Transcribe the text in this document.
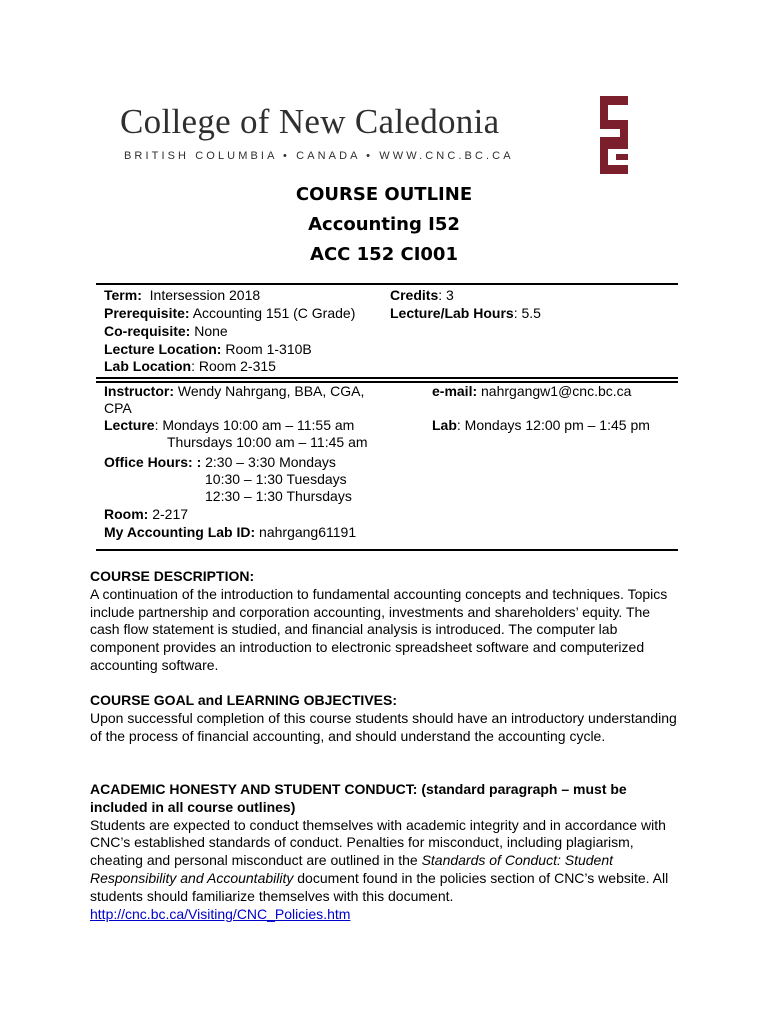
College of New Caledonia
BRITISH COLUMBIA • CANADA • WWW.CNC.BC.CA
COURSE OUTLINE
Accounting I52
ACC 152 CI001
Term: Intersession 2018	Credits: 3
Prerequisite: Accounting 151 (C Grade) Lecture/Lab Hours: 5.5
Co-requisite: None
Lecture Location: Room 1-310B
Lab Location: Room 2-315
Instructor: Wendy Nahrgang, BBA, CGA,
CPA
e-mail: nahrgangw1@cnc.bc.ca
Lecture: Mondays 10:00 am – 11:55 am
Thursdays 10:00 am – 11:45 am
Lab: Mondays 12:00 pm – 1:45 pm
Office Hours: : 2:30 – 3:30 Mondays
10:30 – 1:30 Tuesdays
12:30 – 1:30 Thursdays
Room: 2-217
My Accounting Lab ID: nahrgang61191
COURSE DESCRIPTION:
A continuation of the introduction to fundamental accounting concepts and techniques. Topics include partnership and corporation accounting, investments and shareholders’ equity. The cash flow statement is studied, and financial analysis is introduced. The computer lab component provides an introduction to electronic spreadsheet software and computerized accounting software.
COURSE GOAL and LEARNING OBJECTIVES:
Upon successful completion of this course students should have an introductory understanding of the process of financial accounting, and should understand the accounting cycle.
ACADEMIC HONESTY AND STUDENT CONDUCT: (standard paragraph – must be included in all course outlines)
Students are expected to conduct themselves with academic integrity and in accordance with CNC’s established standards of conduct. Penalties for misconduct, including plagiarism, cheating and personal misconduct are outlined in the Standards of Conduct: Student Responsibility and Accountability document found in the policies section of CNC’s website. All students should familiarize themselves with this document. http://cnc.bc.ca/Visiting/CNC_Policies.htm
